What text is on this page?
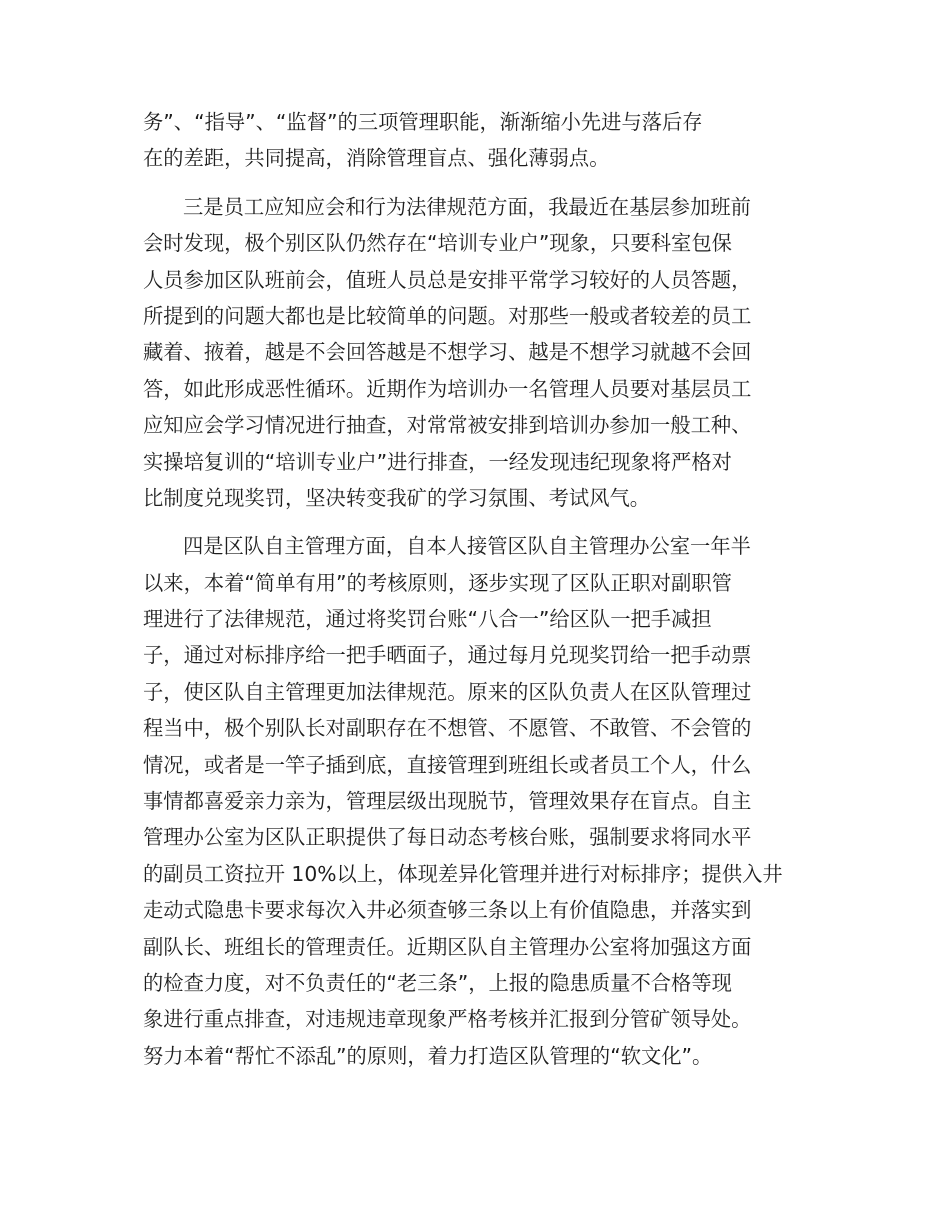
务”、“指导”、“监督”的三项管理职能，渐渐缩小先进与落后存
在的差距，共同提高，消除管理盲点、强化薄弱点。

三是员工应知应会和行为法律规范方面，我最近在基层参加班前
会时发现，极个别区队仍然存在“培训专业户”现象，只要科室包保
人员参加区队班前会，值班人员总是安排平常学习较好的人员答题，
所提到的问题大都也是比较简单的问题。对那些一般或者较差的员工
藏着、掖着，越是不会回答越是不想学习、越是不想学习就越不会回
答，如此形成恶性循环。近期作为培训办一名管理人员要对基层员工
应知应会学习情况进行抽查，对常常被安排到培训办参加一般工种、
实操培复训的“培训专业户”进行排查，一经发现违纪现象将严格对
比制度兑现奖罚，坚决转变我矿的学习氛围、考试风气。

四是区队自主管理方面，自本人接管区队自主管理办公室一年半
以来，本着“简单有用”的考核原则，逐步实现了区队正职对副职管
理进行了法律规范，通过将奖罚台账“八合一”给区队一把手减担
子，通过对标排序给一把手晒面子，通过每月兑现奖罚给一把手动票
子，使区队自主管理更加法律规范。原来的区队负责人在区队管理过
程当中，极个别队长对副职存在不想管、不愿管、不敢管、不会管的
情况，或者是一竿子插到底，直接管理到班组长或者员工个人，什么
事情都喜爱亲力亲为，管理层级出现脱节，管理效果存在盲点。自主
管理办公室为区队正职提供了每日动态考核台账，强制要求将同水平
的副员工资拉开 10%以上，体现差异化管理并进行对标排序；提供入井
走动式隐患卡要求每次入井必须查够三条以上有价值隐患，并落实到
副队长、班组长的管理责任。近期区队自主管理办公室将加强这方面
的检查力度，对不负责任的“老三条”，上报的隐患质量不合格等现
象进行重点排查，对违规违章现象严格考核并汇报到分管矿领导处。
努力本着“帮忙不添乱”的原则，着力打造区队管理的“软文化”。
